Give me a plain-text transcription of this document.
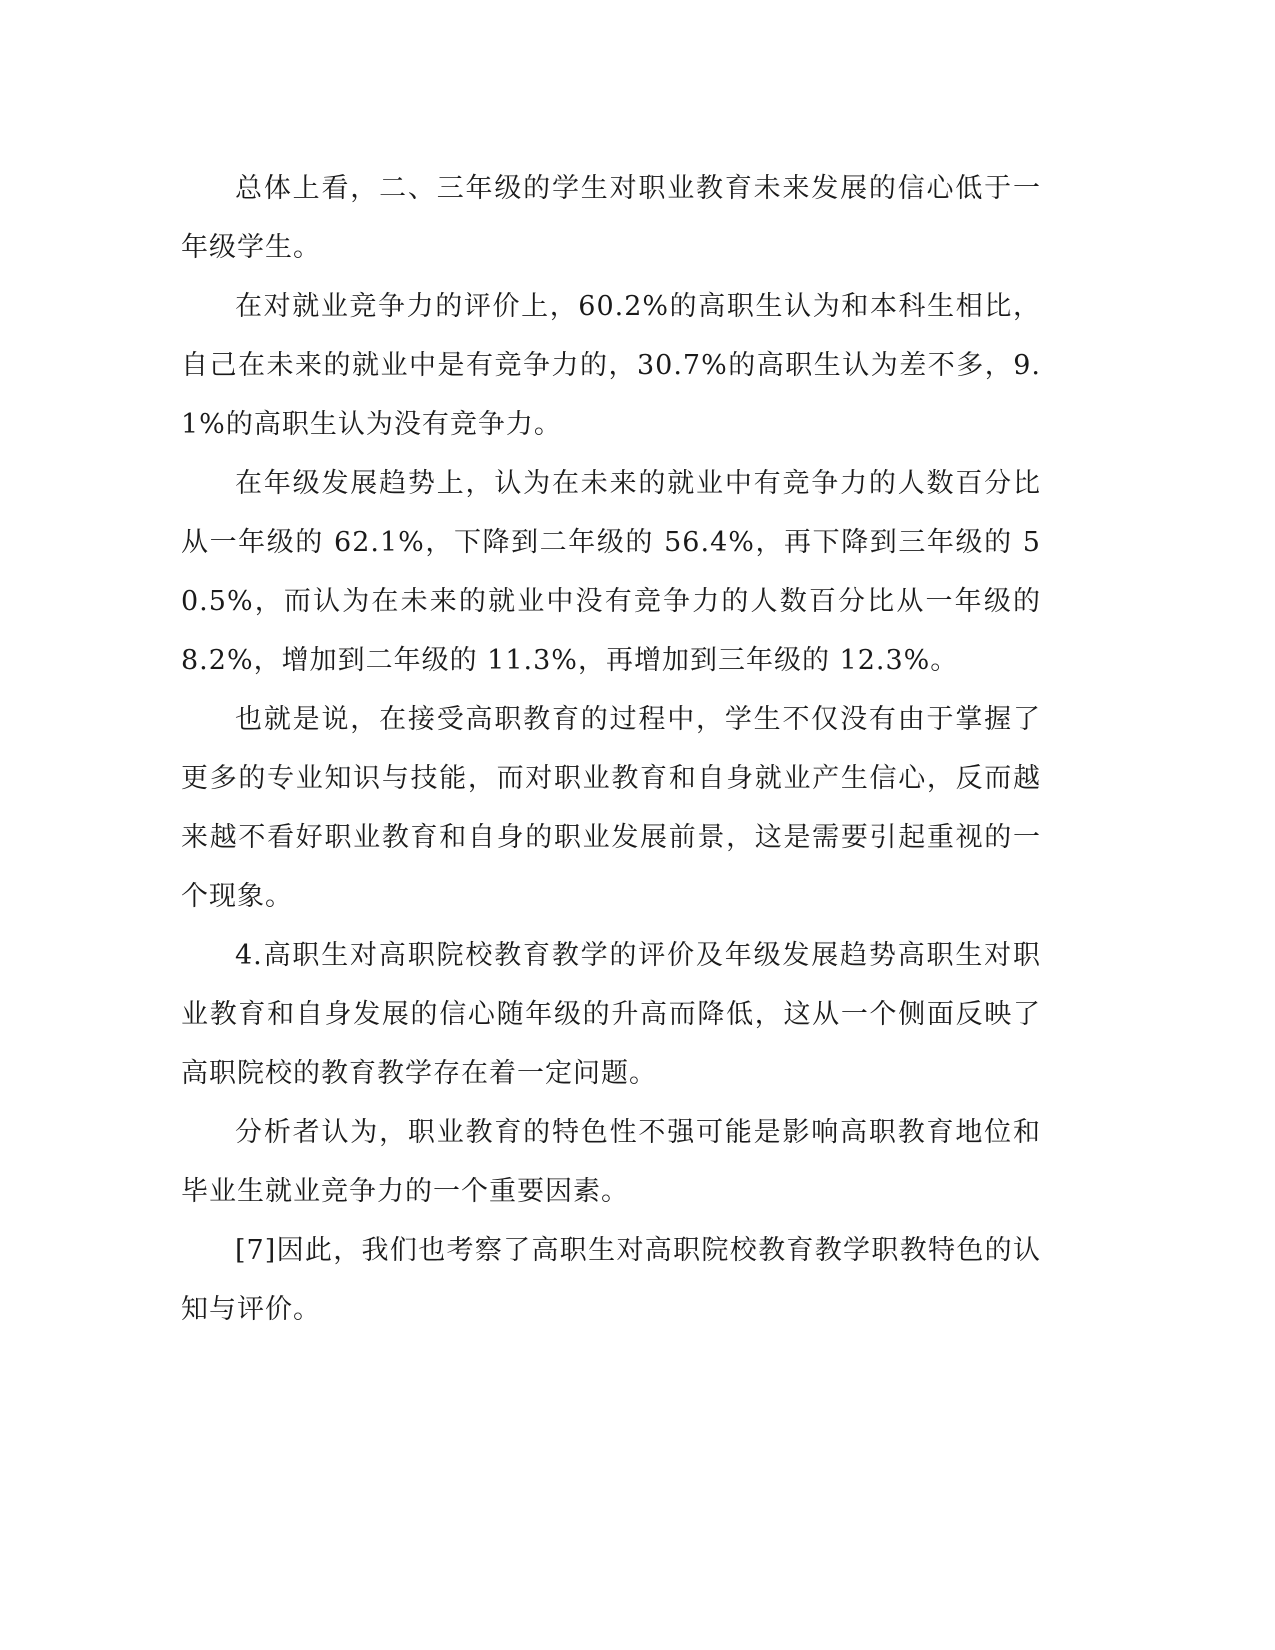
总体上看，二、三年级的学生对职业教育未来发展的信心低于一年级学生。

在对就业竞争力的评价上，60.2%的高职生认为和本科生相比，自己在未来的就业中是有竞争力的，30.7%的高职生认为差不多，9.1%的高职生认为没有竞争力。

在年级发展趋势上，认为在未来的就业中有竞争力的人数百分比从一年级的 62.1%，下降到二年级的 56.4%，再下降到三年级的 50.5%，而认为在未来的就业中没有竞争力的人数百分比从一年级的 8.2%，增加到二年级的 11.3%，再增加到三年级的 12.3%。

也就是说，在接受高职教育的过程中，学生不仅没有由于掌握了更多的专业知识与技能，而对职业教育和自身就业产生信心，反而越来越不看好职业教育和自身的职业发展前景，这是需要引起重视的一个现象。

4.高职生对高职院校教育教学的评价及年级发展趋势高职生对职业教育和自身发展的信心随年级的升高而降低，这从一个侧面反映了高职院校的教育教学存在着一定问题。

分析者认为，职业教育的特色性不强可能是影响高职教育地位和毕业生就业竞争力的一个重要因素。

[7]因此，我们也考察了高职生对高职院校教育教学职教特色的认知与评价。
